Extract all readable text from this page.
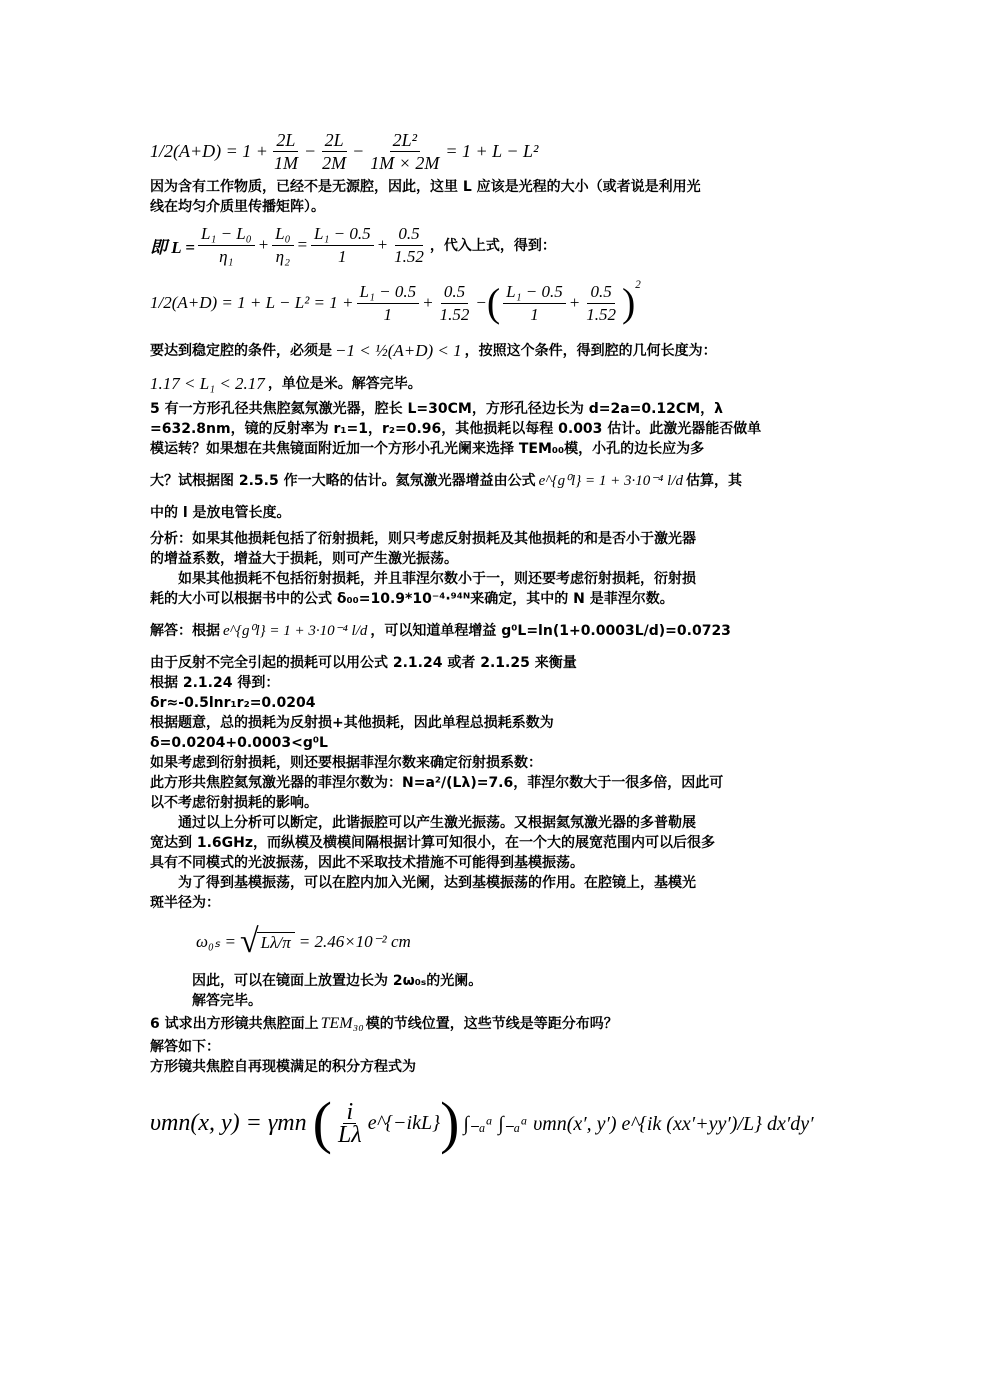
$1/2(A+D) = 1 + \frac{2L}{1M} - \frac{2L}{2M} - \frac{\text{2L²}}{1M \times 2M} = 1 + L - L^2$
因为含有工作物质，已经不是无源腔，因此，这里 L 应该是光程的大小（或者说是利用光
线在均匀介质里传播矩阵）。
即 $L = \frac{\text{L₁ − L₀}}{\text{η₁}} + \frac{\text{L₀}}{\text{η₂}} = \frac{\text{L₁ − 0.5}}{1} + \frac{0.5}{1.52}$ ，代入上式，得到：
$1/2(A+D) = 1 + L - L^2 = 1 + \frac{\text{L₁ − 0.5}}{1} + \frac{0.5}{1.52}$ − ( $\frac{\text{L₁ − 0.5}}{1} + \frac{0.5}{1.52} )^2$
要达到稳定腔的条件，必须是 −1 < ½(A+D) < 1 ，按照这个条件，得到腔的几何长度为：
1.17 < L₁ < 2.17 ，单位是米。解答完毕。
5 有一方形孔径共焦腔氦氖激光器，腔长 L=30CM，方形孔径边长为 d=2a=0.12CM，λ
=632.8nm，镜的反射率为 r₁=1，r₂=0.96，其他损耗以每程 0.003 估计。此激光器能否做单
模运转？如果想在共焦镜面附近加一个方形小孔光阑来选择 TEM₀₀模，小孔的边长应为多
大？试根据图 2.5.5 作一大略的估计。氦氖激光器增益由公式 e^{g⁰l} = 1 + 3·10⁻⁴ l/d 估算，其
中的 l 是放电管长度。
分析：如果其他损耗包括了衍射损耗，则只考虑反射损耗及其他损耗的和是否小于激光器
的增益系数，增益大于损耗，则可产生激光振荡。
如果其他损耗不包括衍射损耗，并且菲涅尔数小于一，则还要考虑衍射损耗，衍射损
耗的大小可以根据书中的公式 δ₀₀=10.9*10⁻⁴·⁹⁴ᴺ来确定，其中的 N 是菲涅尔数。
解答：根据 e^{g⁰l} = 1 + 3·10⁻⁴ l/d ，可以知道单程增益 g⁰L=ln(1+0.0003L/d)=0.0723
由于反射不完全引起的损耗可以用公式 2.1.24 或者 2.1.25 来衡量
根据 2.1.24 得到：
δr≈-0.5lnr₁r₂=0.0204
根据题意，总的损耗为反射损+其他损耗，因此单程总损耗系数为
δ=0.0204+0.0003<g⁰L
如果考虑到衍射损耗，则还要根据菲涅尔数来确定衍射损系数：
此方形共焦腔氦氖激光器的菲涅尔数为：N=a²/(Lλ)=7.6，菲涅尔数大于一很多倍，因此可
以不考虑衍射损耗的影响。
通过以上分析可以断定，此谐振腔可以产生激光振荡。又根据氦氖激光器的多普勒展
宽达到 1.6GHz，而纵模及横模间隔根据计算可知很小，在一个大的展宽范围内可以后很多
具有不同模式的光波振荡，因此不采取技术措施不可能得到基模振荡。
为了得到基模振荡，可以在腔内加入光阑，达到基模振荡的作用。在腔镜上，基模光
斑半径为：
ω₀ₛ = √ Lλ/π = 2.46×10⁻² cm
因此，可以在镜面上放置边长为 2ω₀ₛ的光阑。
解答完毕。
6 试求出方形镜共焦腔面上 TEM₃₀ 模的节线位置，这些节线是等距分布吗？
解答如下：
方形镜共焦腔自再现模满足的积分方程式为
υmn(x, y) = γmn ( $\frac{i}{L\lambda}$ e^{−ikL} ) ∫₋ₐᵃ ∫₋ₐᵃ υmn(x′, y′) e^{ik (xx′+yy′)/L} dx′dy′
